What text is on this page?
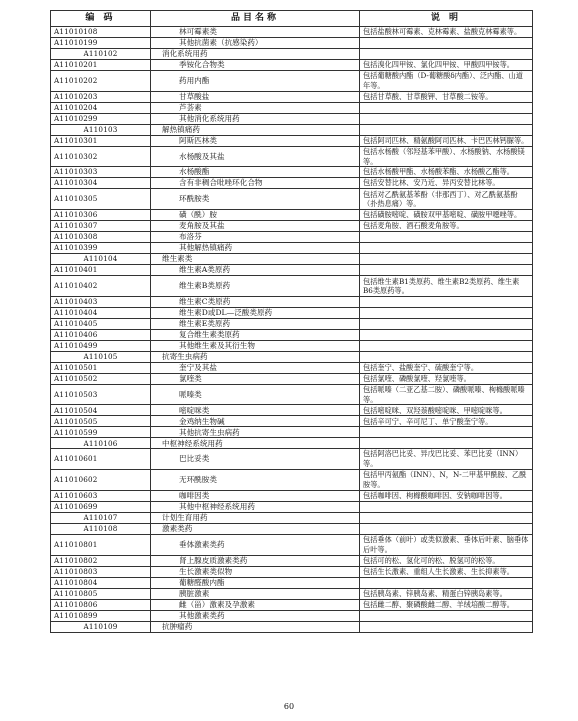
编 码	品目名称	说 明
A11010108	林可霉素类	包括盐酸林可霉素、克林霉素、盐酸克林霉素等。
A11010199	其他抗菌素（抗感染药）	
A110102	消化系统用药	
A11010201	季铵化合物类	包括溴化四甲铵、氯化四甲铵、甲酸四甲铵等。
A11010202	药用内酯	包括葡糖酸内酯（D-葡糖酸δ内酯）、泛内酯、山道年等。
A11010203	甘草酸盐	包括甘草酸、甘草酸钾、甘草酸二铵等。
A11010204	芦荟素	
A11010299	其他消化系统用药	
A110103	解热镇痛药	
A11010301	阿斯匹林类	包括阿司匹林、精氨酸阿司匹林、卡巴匹林钙脲等。
A11010302	水杨酸及其盐	包括水杨酸（邻羟基苯甲酸）、水杨酸钠、水杨酸镁等。
A11010303	水杨酸酯	包括水杨酸甲酯、水杨酸苯酯、水杨酸乙酯等。
A11010304	含有非稠合吡唑环化合物	包括安替比林、安乃近、异丙安替比林等。
A11010305	环酰胺类	包括对乙酰氨基苯酚（非那西丁）、对乙酰氨基酚（扑热息痛）等。
A11010306	磺（酰）胺	包括磺胺嘧啶、磺胺双甲基嘧啶、磺胺甲噁唑等。
A11010307	麦角胺及其盐	包括麦角胺、酒石酸麦角胺等。
A11010308	布洛芬	
A11010399	其他解热镇痛药	
A110104	维生素类	
A11010401	维生素A类原药	
A11010402	维生素B类原药	包括维生素B1类原药、维生素B2类原药、维生素B6类原药等。
A11010403	维生素C类原药	
A11010404	维生素D或DL—泛酸类原药	
A11010405	维生素E类原药	
A11010406	复合维生素类原药	
A11010499	其他维生素及其衍生物	
A110105	抗寄生虫病药	
A11010501	奎宁及其盐	包括奎宁、盐酸奎宁、硫酸奎宁等。
A11010502	氯喹类	包括氯喹、磷酸氯喹、羟氯喹等。
A11010503	哌嗪类	包括哌嗪（二亚乙基二胺）、磷酸哌嗪、枸橼酸哌嗪等。
A11010504	嘧啶咪类	包括嘧啶咪、双羟萘酸嘧啶咪、甲嘧啶咪等。
A11010505	金鸡纳生物碱	包括辛可宁、辛可尼丁、单宁酸奎宁等。
A11010599	其他抗寄生虫病药	
A110106	中枢神经系统用药	
A11010601	巴比妥类	包括阿洛巴比妥、异戊巴比妥、苯巴比妥（INN）等。
A11010602	无环酰胺类	包括甲丙氨酯（INN）、N，N-二甲基甲酰胺、乙酰胺等。
A11010603	咖啡因类	包括咖啡因、枸橼酸咖啡因、安钠咖啡因等。
A11010699	其他中枢神经系统用药	
A110107	计划生育用药	
A110108	激素类药	
A11010801	垂体激素类药	包括垂体（前叶）或类似激素、垂体后叶素、脑垂体后叶等。
A11010802	肾上腺皮质激素类药	包括可的松、氢化可的松、脱氢可的松等。
A11010803	生长激素类似物	包括生长激素、重组人生长激素、生长抑素等。
A11010804	葡糖醛酸内酯	
A11010805	胰脏激素	包括胰岛素、锌胰岛素、精蛋白锌胰岛素等。
A11010806	雌（甾）激素及孕激素	包括雌二醇、聚磷酸雌二醇、羊绒培酸二醇等。
A11010899	其他激素类药	
A110109	抗肿瘤药	
60
